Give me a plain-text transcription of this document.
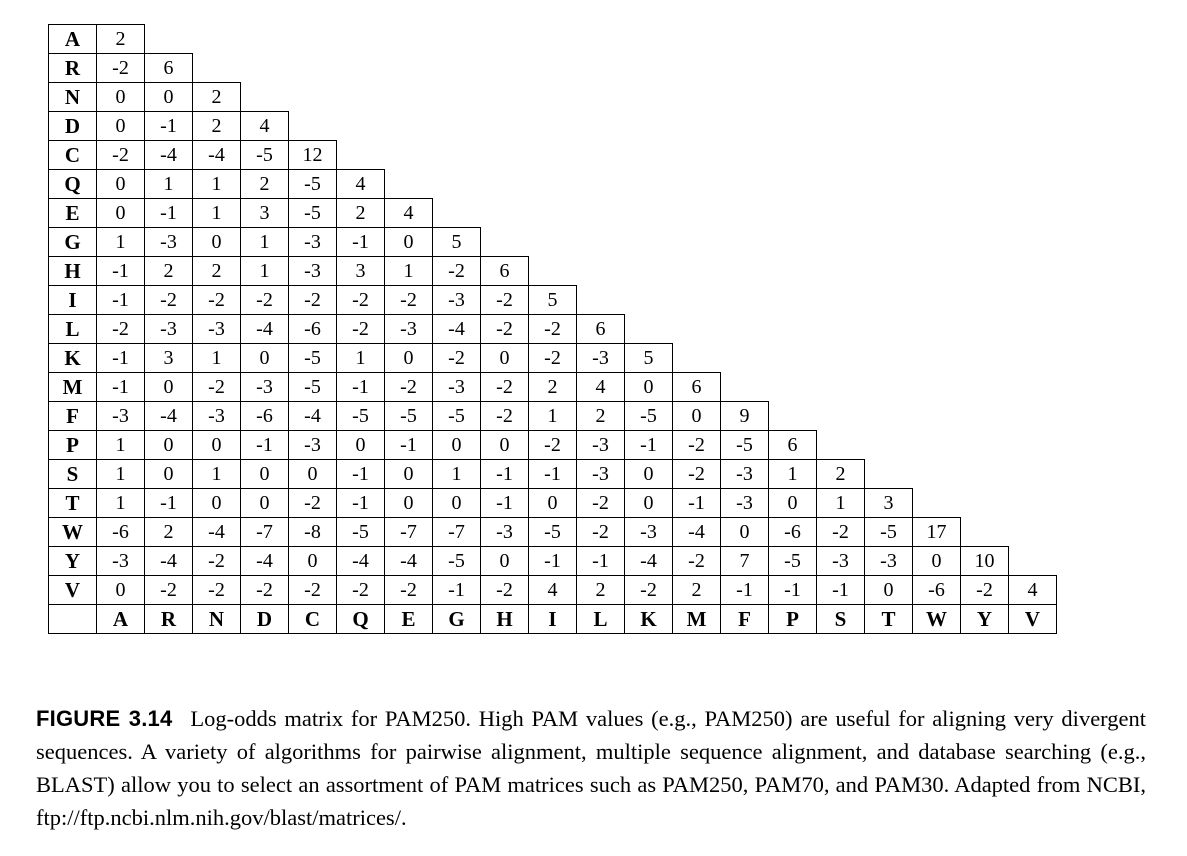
A	2																			
R	-2	6																		
N	0	0	2																	
D	0	-1	2	4																
C	-2	-4	-4	-5	12															
Q	0	1	1	2	-5	4														
E	0	-1	1	3	-5	2	4													
G	1	-3	0	1	-3	-1	0	5												
H	-1	2	2	1	-3	3	1	-2	6											
I	-1	-2	-2	-2	-2	-2	-2	-3	-2	5										
L	-2	-3	-3	-4	-6	-2	-3	-4	-2	-2	6									
K	-1	3	1	0	-5	1	0	-2	0	-2	-3	5								
M	-1	0	-2	-3	-5	-1	-2	-3	-2	2	4	0	6							
F	-3	-4	-3	-6	-4	-5	-5	-5	-2	1	2	-5	0	9						
P	1	0	0	-1	-3	0	-1	0	0	-2	-3	-1	-2	-5	6					
S	1	0	1	0	0	-1	0	1	-1	-1	-3	0	-2	-3	1	2				
T	1	-1	0	0	-2	-1	0	0	-1	0	-2	0	-1	-3	0	1	3			
W	-6	2	-4	-7	-8	-5	-7	-7	-3	-5	-2	-3	-4	0	-6	-2	-5	17		
Y	-3	-4	-2	-4	0	-4	-4	-5	0	-1	-1	-4	-2	7	-5	-3	-3	0	10	
V	0	-2	-2	-2	-2	-2	-2	-1	-2	4	2	-2	2	-1	-1	-1	0	-6	-2	4
	A	R	N	D	C	Q	E	G	H	I	L	K	M	F	P	S	T	W	Y	V
FIGURE 3.14 Log-odds matrix for PAM250. High PAM values (e.g., PAM250) are useful for aligning very divergent sequences. A variety of algorithms for pairwise alignment, multiple sequence alignment, and database searching (e.g., BLAST) allow you to select an assortment of PAM matrices such as PAM250, PAM70, and PAM30. Adapted from NCBI, ftp://ftp.ncbi.nlm.nih.gov/blast/matrices/.
